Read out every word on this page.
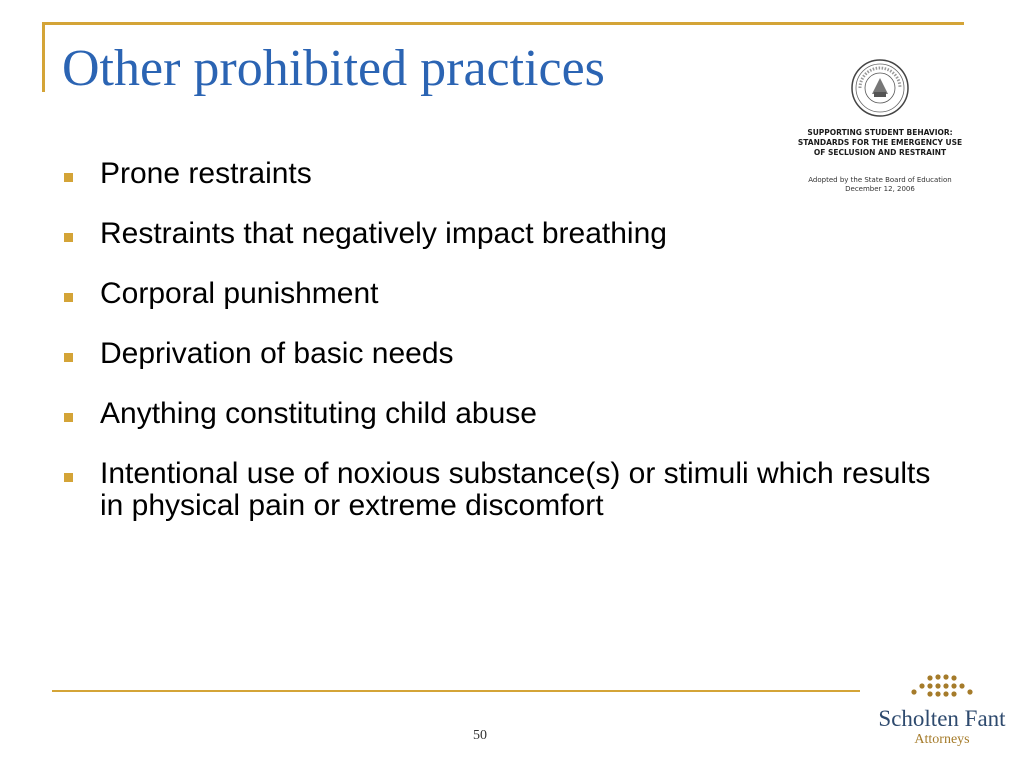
Other prohibited practices
Prone restraints
Restraints that negatively impact breathing
Corporal punishment
Deprivation of basic needs
Anything constituting child abuse
Intentional use of noxious substance(s) or stimuli which results in physical pain or extreme discomfort
SUPPORTING STUDENT BEHAVIOR:
STANDARDS FOR THE EMERGENCY USE
OF SECLUSION AND RESTRAINT
Adopted by the State Board of Education
December 12, 2006
50
Scholten Fant
Attorneys
